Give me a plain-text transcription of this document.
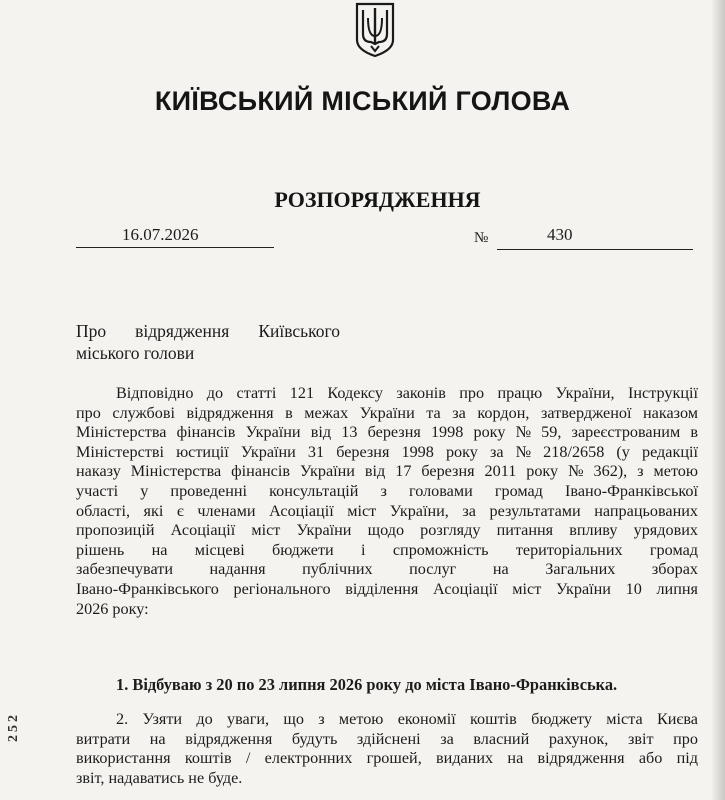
КИЇВСЬКИЙ МІСЬКИЙ ГОЛОВА
РОЗПОРЯДЖЕННЯ
16.07.2026	№	430
Про відрядження Київського
міського голови
Відповідно до статті 121 Кодексу законів про працю України, Інструкції
про службові відрядження в межах України та за кордон, затвердженої наказом
Міністерства фінансів України від 13 березня 1998 року № 59, зареєстрованим в
Міністерстві юстиції України 31 березня 1998 року за № 218/2658 (у редакції
наказу Міністерства фінансів України від 17 березня 2011 року № 362), з метою
участі у проведенні консультацій з головами громад Івано-Франківської
області, які є членами Асоціації міст України, за результатами напрацьованих
пропозицій Асоціації міст України щодо розгляду питання впливу урядових
рішень на місцеві бюджети і спроможність територіальних громад
забезпечувати надання публічних послуг на Загальних зборах
Івано-Франківського регіонального відділення Асоціації міст України 10 липня
2026 року:
1. Відбуваю з 20 по 23 липня 2026 року до міста Івано-Франківська.
2. Узяти до уваги, що з метою економії коштів бюджету міста Києва
витрати на відрядження будуть здійснені за власний рахунок, звіт про
використання коштів / електронних грошей, виданих на відрядження або під
звіт, надаватись не буде.
252
